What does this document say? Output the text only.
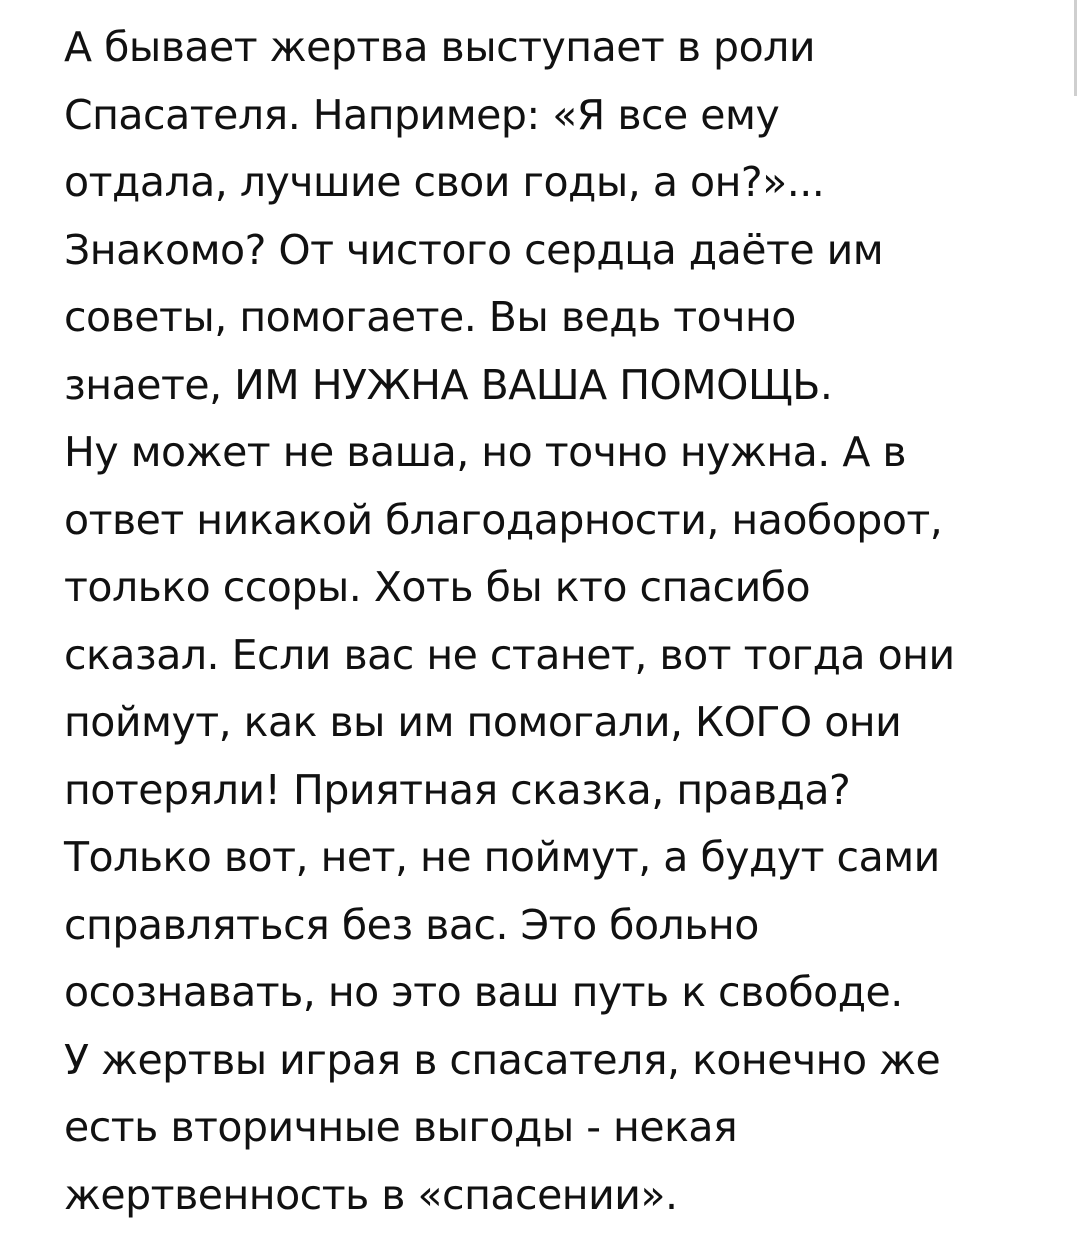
А бывает жертва выступает в роли
Спасателя. Например: «Я все ему
отдала, лучшие свои годы, а он?»...
Знакомо? От чистого сердца даёте им
советы, помогаете. Вы ведь точно
знаете, ИМ НУЖНА ВАША ПОМОЩЬ.
Ну может не ваша, но точно нужна. А в
ответ никакой благодарности, наоборот,
только ссоры. Хоть бы кто спасибо
сказал. Если вас не станет, вот тогда они
поймут, как вы им помогали, КОГО они
потеряли! Приятная сказка, правда?
Только вот, нет, не поймут, а будут сами
справляться без вас. Это больно
осознавать, но это ваш путь к свободе.
У жертвы играя в спасателя, конечно же
есть вторичные выгоды - некая
жертвенность в «спасении».
